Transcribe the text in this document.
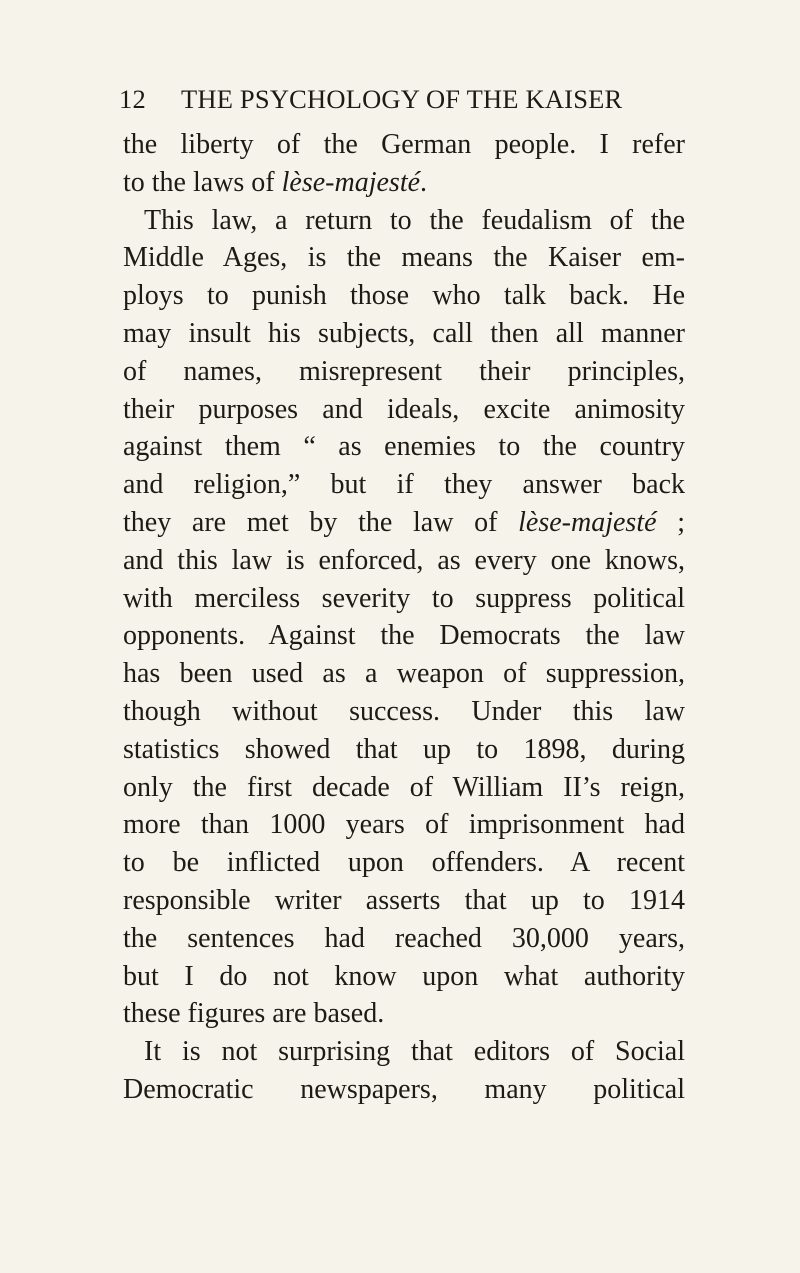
12 THE PSYCHOLOGY OF THE KAISER
the liberty of the German people. I refer
to the laws of lèse-majesté.
This law, a return to the feudalism of the
Middle Ages, is the means the Kaiser em-
ploys to punish those who talk back. He
may insult his subjects, call then all manner
of names, misrepresent their principles,
their purposes and ideals, excite animosity
against them “ as enemies to the country
and religion,” but if they answer back
they are met by the law of lèse-majesté ;
and this law is enforced, as every one knows,
with merciless severity to suppress political
opponents. Against the Democrats the law
has been used as a weapon of suppression,
though without success. Under this law
statistics showed that up to 1898, during
only the first decade of William II’s reign,
more than 1000 years of imprisonment had
to be inflicted upon offenders. A recent
responsible writer asserts that up to 1914
the sentences had reached 30,000 years,
but I do not know upon what authority
these figures are based.
It is not surprising that editors of Social
Democratic newspapers, many political
